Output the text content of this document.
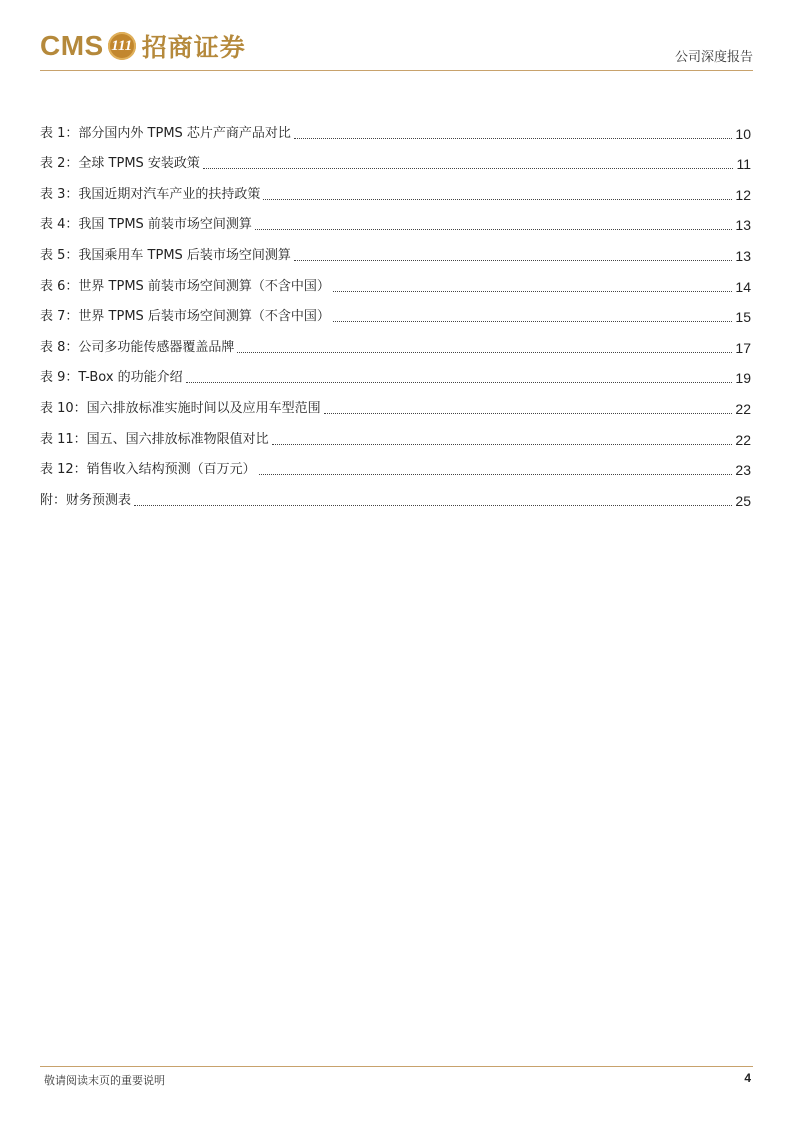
CMS 111 招商证券	公司深度报告
表 1：部分国内外 TPMS 芯片产商产品对比	10
表 2：全球 TPMS 安装政策	11
表 3：我国近期对汽车产业的扶持政策	12
表 4：我国 TPMS 前装市场空间测算	13
表 5：我国乘用车 TPMS 后装市场空间测算	13
表 6：世界 TPMS 前装市场空间测算（不含中国）	14
表 7：世界 TPMS 后装市场空间测算（不含中国）	15
表 8：公司多功能传感器覆盖品牌	17
表 9：T-Box 的功能介绍	19
表 10：国六排放标准实施时间以及应用车型范围	22
表 11：国五、国六排放标准物限值对比	22
表 12：销售收入结构预测（百万元）	23
附：财务预测表	25
敬请阅读末页的重要说明	4
